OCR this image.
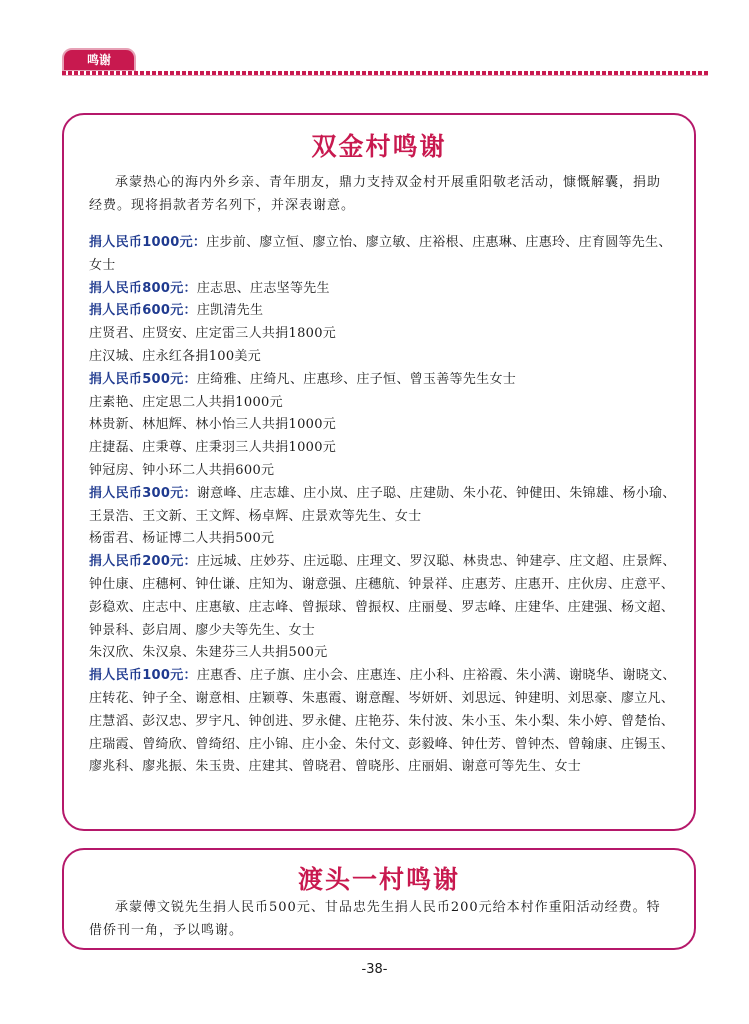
鸣谢
双金村鸣谢
承蒙热心的海内外乡亲、青年朋友，鼎力支持双金村开展重阳敬老活动，慷慨解囊，捐助经费。现将捐款者芳名列下，并深表谢意。

捐人民币1000元：庄步前、廖立恒、廖立怡、廖立敏、庄裕根、庄惠琳、庄惠玲、庄育圆等先生、女士

捐人民币800元：庄志思、庄志坚等先生

捐人民币600元：庄凯清先生

庄贤君、庄贤安、庄定雷三人共捐1800元

庄汉城、庄永红各捐100美元

捐人民币500元：庄绮雅、庄绮凡、庄惠珍、庄子恒、曾玉善等先生女士

庄素艳、庄定思二人共捐1000元

林贵新、林旭辉、林小怡三人共捐1000元

庄捷磊、庄秉尊、庄秉羽三人共捐1000元

钟冠房、钟小环二人共捐600元

捐人民币300元：谢意峰、庄志雄、庄小岚、庄子聪、庄建勋、朱小花、钟健田、朱锦雄、杨小瑜、王景浩、王文新、王文辉、杨卓辉、庄景欢等先生、女士

杨雷君、杨证博二人共捐500元

捐人民币200元：庄远城、庄妙芬、庄远聪、庄理文、罗汉聪、林贵忠、钟建亭、庄文超、庄景辉、钟仕康、庄穗柯、钟仕谦、庄知为、谢意强、庄穗航、钟景祥、庄惠芳、庄惠开、庄伙房、庄意平、彭稳欢、庄志中、庄惠敏、庄志峰、曾振球、曾振权、庄丽曼、罗志峰、庄建华、庄建强、杨文超、钟景科、彭启周、廖少夫等先生、女士

朱汉欣、朱汉泉、朱建芬三人共捐500元

捐人民币100元：庄惠香、庄子旗、庄小会、庄惠连、庄小科、庄裕霞、朱小满、谢晓华、谢晓文、庄转花、钟子全、谢意相、庄颖尊、朱惠霞、谢意醒、岑妍妍、刘思远、钟建明、刘思豪、廖立凡、庄慧滔、彭汉忠、罗宇凡、钟创进、罗永健、庄艳芬、朱付波、朱小玉、朱小梨、朱小婷、曾楚怡、庄瑞霞、曾绮欣、曾绮绍、庄小锦、庄小金、朱付文、彭毅峰、钟仕芳、曾钟杰、曾翰康、庄锡玉、廖兆科、廖兆振、朱玉贵、庄建其、曾晓君、曾晓彤、庄丽娟、谢意可等先生、女士

渡头一村鸣谢
承蒙傅文锐先生捐人民币500元、甘品忠先生捐人民币200元给本村作重阳活动经费。特借侨刊一角，予以鸣谢。
-38-
